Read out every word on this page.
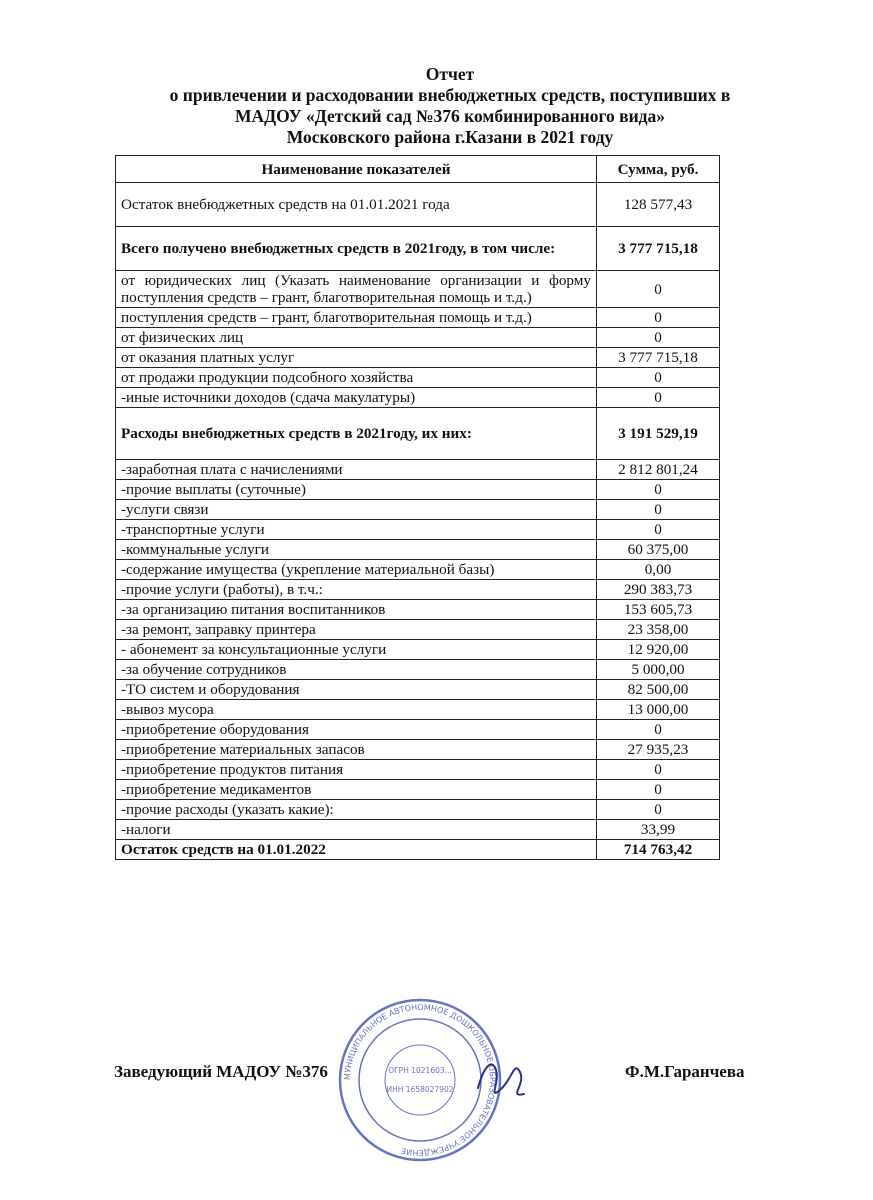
Отчет
о привлечении и расходовании внебюджетных средств, поступивших в
МАДОУ «Детский сад №376 комбинированного вида»
Московского района г.Казани в 2021 году
Наименование показателей	Сумма, руб.
Остаток внебюджетных средств на 01.01.2021 года	128 577,43
Всего получено внебюджетных средств в 2021году, в том числе:	3 777 715,18
от юридических лиц (Указать наименование организации и форму поступления средств – грант, благотворительная помощь и т.д.)	0
поступления средств – грант, благотворительная помощь и т.д.)	0
от физических лиц	0
от оказания платных услуг	3 777 715,18
от продажи продукции подсобного хозяйства	0
-иные источники доходов (сдача макулатуры)	0
Расходы внебюджетных средств в 2021году, их них:	3 191 529,19
-заработная плата с начислениями	2 812 801,24
-прочие выплаты (суточные)	0
-услуги связи	0
-транспортные услуги	0
-коммунальные услуги	60 375,00
-содержание имущества (укрепление материальной базы)	0,00
-прочие услуги (работы), в т.ч.:	290 383,73
-за организацию питания воспитанников	153 605,73
-за ремонт, заправку принтера	23 358,00
- абонемент за консультационные услуги	12 920,00
-за обучение сотрудников	5 000,00
-ТО систем и оборудования	82 500,00
-вывоз мусора	13 000,00
-приобретение оборудования	0
-приобретение материальных запасов	27 935,23
-приобретение продуктов питания	0
-приобретение медикаментов	0
-прочие расходы (указать какие):	0
-налоги	33,99
Остаток средств на 01.01.2022	714 763,42
Заведующий МАДОУ №376	Ф.М.Гаранчева
МУНИЦИПАЛЬНОЕ АВТОНОМНОЕ ДОШКОЛЬНОЕ ОБРАЗОВАТЕЛЬНОЕ УЧРЕЖДЕНИЕ
ОГРН 1021603...
ИНН 1658027902
